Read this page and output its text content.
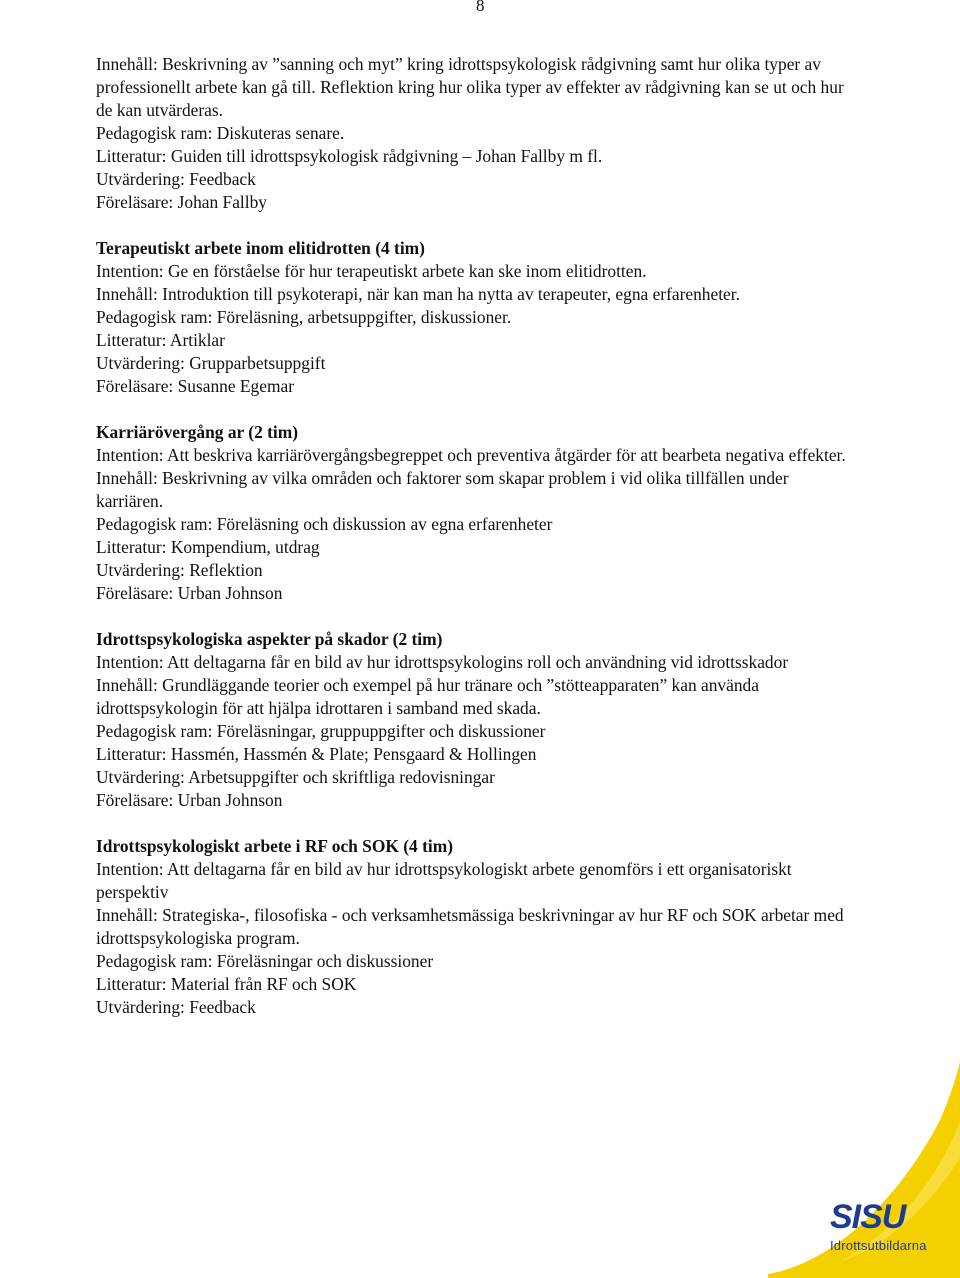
8

Innehåll: Beskrivning av ”sanning och myt” kring idrottspsykologisk rådgivning samt hur olika typer av professionellt arbete kan gå till. Reflektion kring hur olika typer av effekter av rådgivning kan se ut och hur de kan utvärderas.

Pedagogisk ram: Diskuteras senare.

Litteratur: Guiden till idrottspsykologisk rådgivning – Johan Fallby m fl.

Utvärdering: Feedback

Föreläsare: Johan Fallby

Terapeutiskt arbete inom elitidrotten (4 tim)

Intention: Ge en förståelse för hur terapeutiskt arbete kan ske inom elitidrotten.

Innehåll: Introduktion till psykoterapi, när kan man ha nytta av terapeuter, egna erfarenheter.

Pedagogisk ram: Föreläsning, arbetsuppgifter, diskussioner.

Litteratur: Artiklar

Utvärdering: Grupparbetsuppgift

Föreläsare: Susanne Egemar

Karriärövergång ar (2 tim)

Intention: Att beskriva karriärövergångsbegreppet och preventiva åtgärder för att bearbeta negativa effekter.

Innehåll: Beskrivning av vilka områden och faktorer som skapar problem i vid olika tillfällen under karriären.

Pedagogisk ram: Föreläsning och diskussion av egna erfarenheter

Litteratur: Kompendium, utdrag

Utvärdering: Reflektion

Föreläsare: Urban Johnson

Idrottspsykologiska aspekter på skador (2 tim)

Intention: Att deltagarna får en bild av hur idrottspsykologins roll och användning vid idrottsskador

Innehåll: Grundläggande teorier och exempel på hur tränare och ”stötteapparaten” kan använda idrottspsykologin för att hjälpa idrottaren i samband med skada.

Pedagogisk ram: Föreläsningar, gruppuppgifter och diskussioner

Litteratur: Hassmén, Hassmén & Plate; Pensgaard & Hollingen

Utvärdering: Arbetsuppgifter och skriftliga redovisningar

Föreläsare: Urban Johnson

Idrottspsykologiskt arbete i RF och SOK (4 tim)

Intention: Att deltagarna får en bild av hur idrottspsykologiskt arbete genomförs i ett organisatoriskt perspektiv

Innehåll: Strategiska-, filosofiska - och verksamhetsmässiga beskrivningar av hur RF och SOK arbetar med idrottspsykologiska program.

Pedagogisk ram: Föreläsningar och diskussioner

Litteratur: Material från RF och SOK

Utvärdering: Feedback

SISU
Idrottsutbildarna
